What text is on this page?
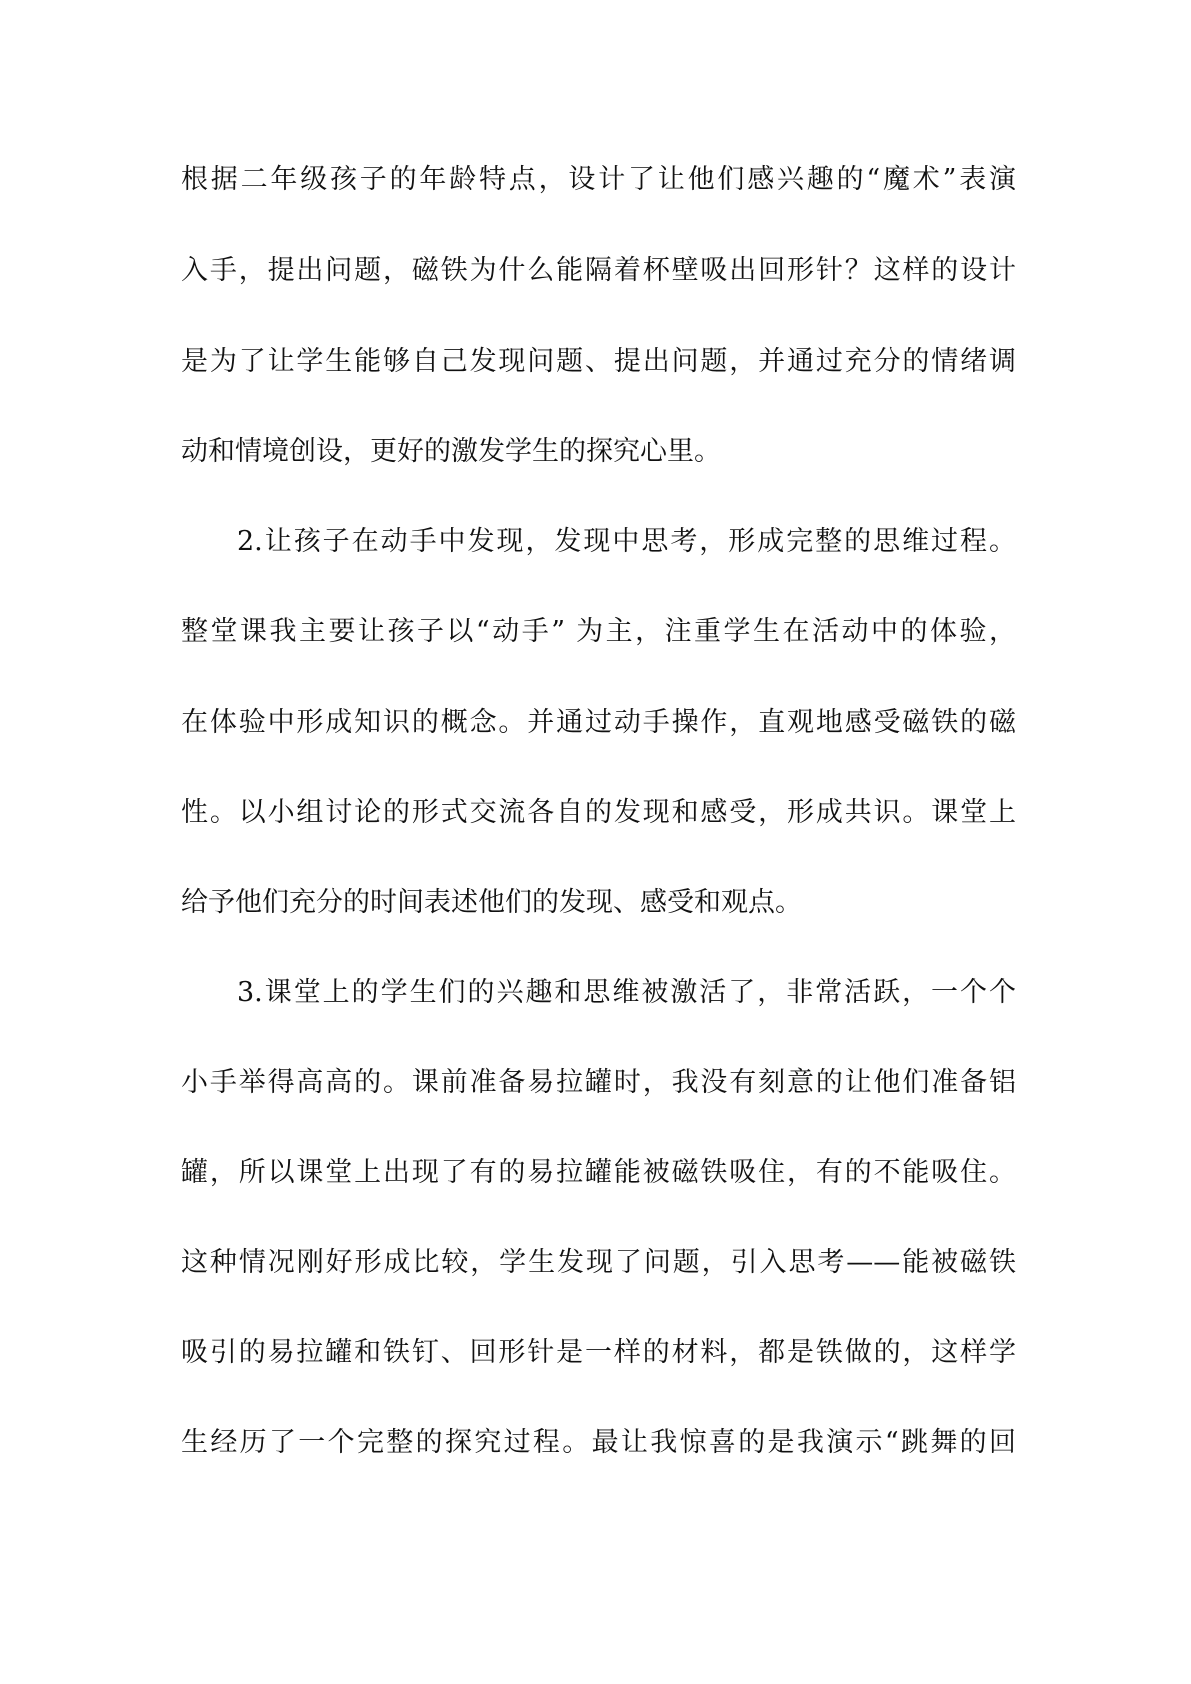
根据二年级孩子的年龄特点，设计了让他们感兴趣的“魔术”表演

入手，提出问题，磁铁为什么能隔着杯壁吸出回形针？这样的设计

是为了让学生能够自己发现问题、提出问题，并通过充分的情绪调

动和情境创设，更好的激发学生的探究心里。

2.让孩子在动手中发现，发现中思考，形成完整的思维过程。

整堂课我主要让孩子以“动手” 为主，注重学生在活动中的体验，

在体验中形成知识的概念。并通过动手操作，直观地感受磁铁的磁

性。以小组讨论的形式交流各自的发现和感受，形成共识。课堂上

给予他们充分的时间表述他们的发现、感受和观点。

3.课堂上的学生们的兴趣和思维被激活了，非常活跃，一个个

小手举得高高的。课前准备易拉罐时，我没有刻意的让他们准备铝

罐，所以课堂上出现了有的易拉罐能被磁铁吸住，有的不能吸住。

这种情况刚好形成比较，学生发现了问题，引入思考——能被磁铁

吸引的易拉罐和铁钉、回形针是一样的材料，都是铁做的，这样学

生经历了一个完整的探究过程。最让我惊喜的是我演示“跳舞的回
